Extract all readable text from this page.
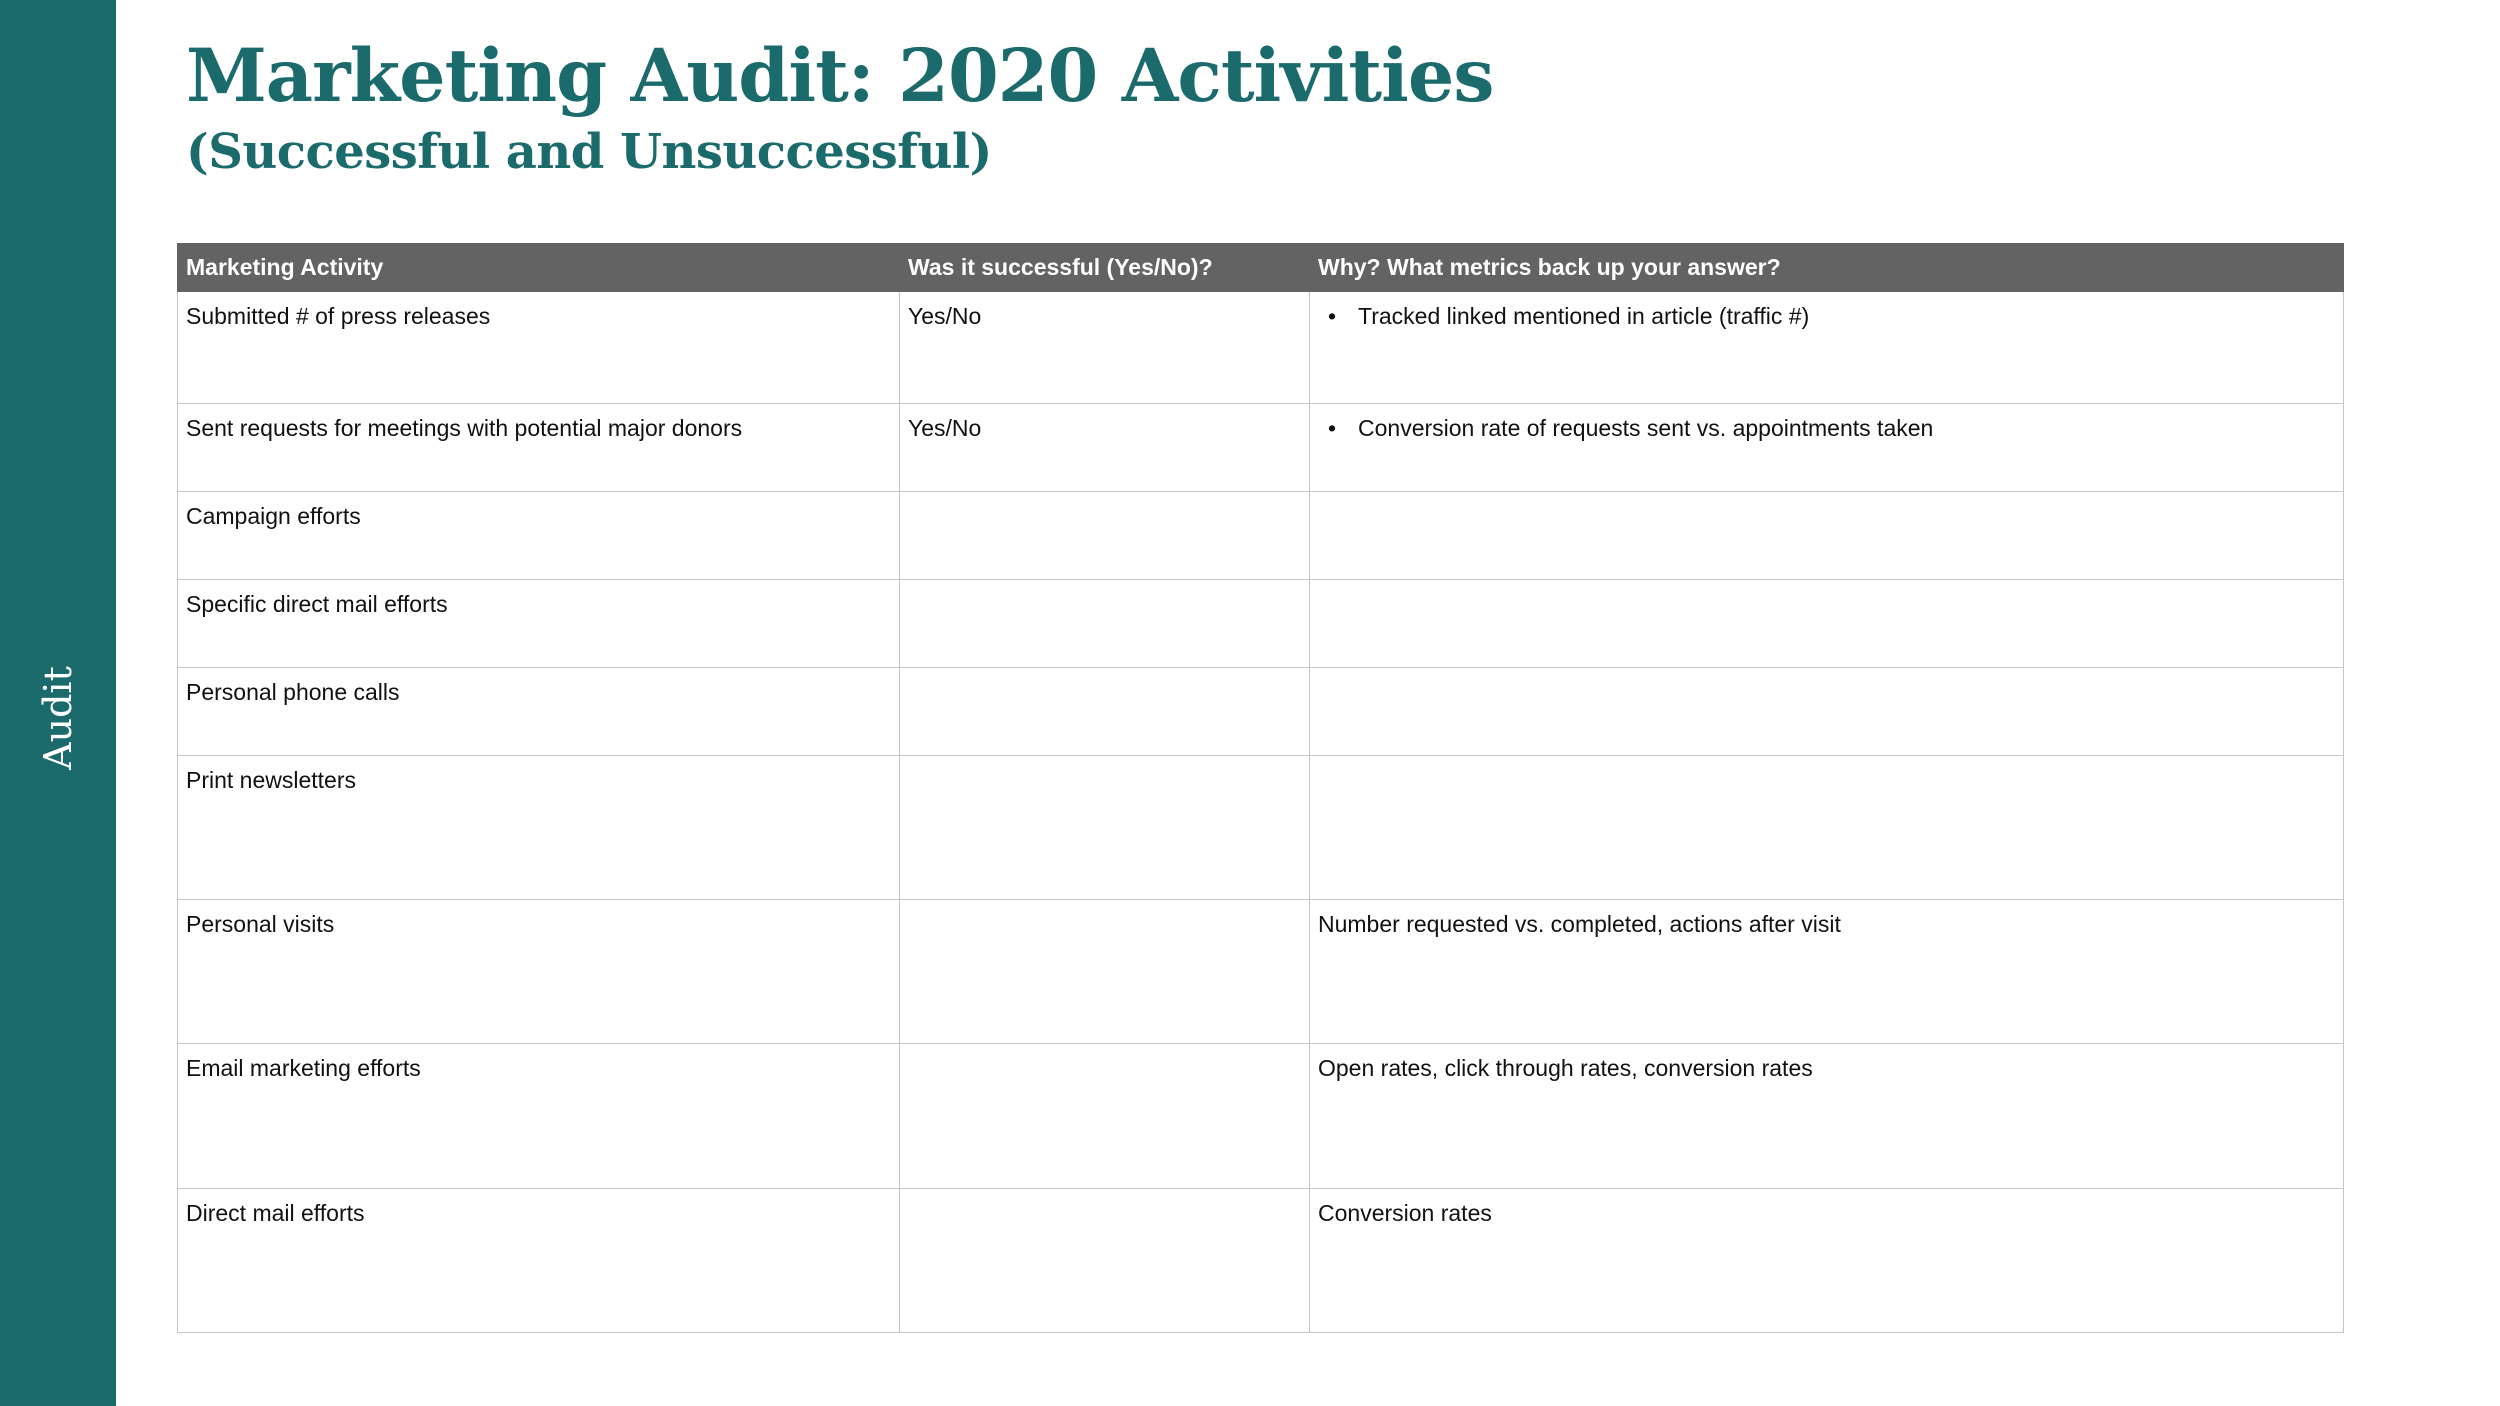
Audit
Marketing Audit: 2020 Activities
(Successful and Unsuccessful)
Marketing Activity	Was it successful (Yes/No)?	Why? What metrics back up your answer?
Submitted # of press releases	Yes/No	• Tracked linked mentioned in article (traffic #)
Sent requests for meetings with potential major donors	Yes/No	• Conversion rate of requests sent vs. appointments taken
Campaign efforts		
Specific direct mail efforts		
Personal phone calls		
Print newsletters		
Personal visits		Number requested vs. completed, actions after visit
Email marketing efforts		Open rates, click through rates, conversion rates
Direct mail efforts		Conversion rates
